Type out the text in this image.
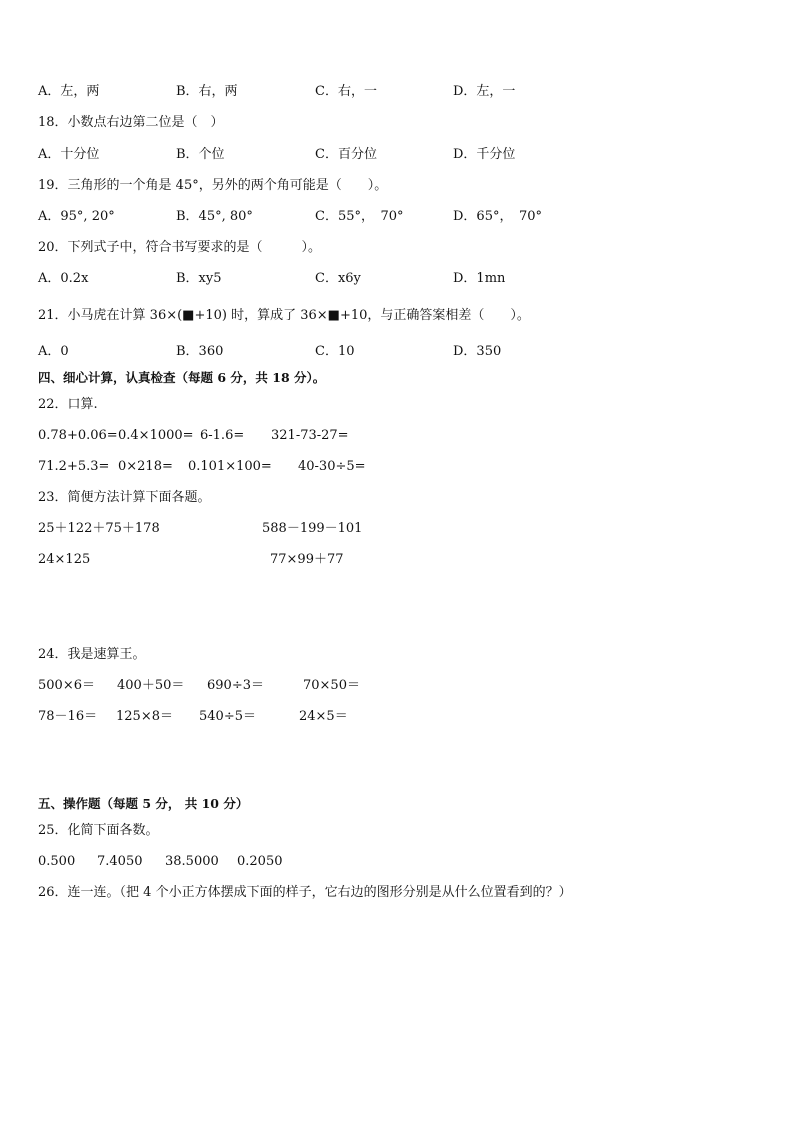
A．左，两	B．右，两	C．右，一	D．左，一
18．小数点右边第二位是（　）
A．十分位	B．个位	C．百分位	D．千分位
19．三角形的一个角是 45°，另外的两个角可能是（　　）。
A．95°, 20°	B．45°, 80°	C．55°，　70°	D．65°，　70°
20．下列式子中，符合书写要求的是（　　　）。
A．0.2x	B．xy5	C．x6y	D．1mn
21．小马虎在计算 36×(■+10) 时，算成了 36×■+10，与正确答案相差（　　）。
A．0	B．360	C．10	D．350
四、细心计算，认真检查（每题 6 分，共 18 分）。
22．口算.
0.78+0.06= 0.4×1000= 6-1.6= 321-73-27=
71.2+5.3= 0×218= 0.101×100= 40-30÷5=
23．简便方法计算下面各题。
25＋122＋75＋178	588－199－101
24×125	77×99＋77
24．我是速算王。
500×6＝ 400＋50＝ 690÷3＝	70×50＝
78－16＝ 125×8＝ 540÷5＝	24×5＝
五、操作题（每题 5 分， 共 10 分）
25．化简下面各数。
0.500 7.4050 38.5000 0.2050
26．连一连。（把 4 个小正方体摆成下面的样子，它右边的图形分别是从什么位置看到的？）
